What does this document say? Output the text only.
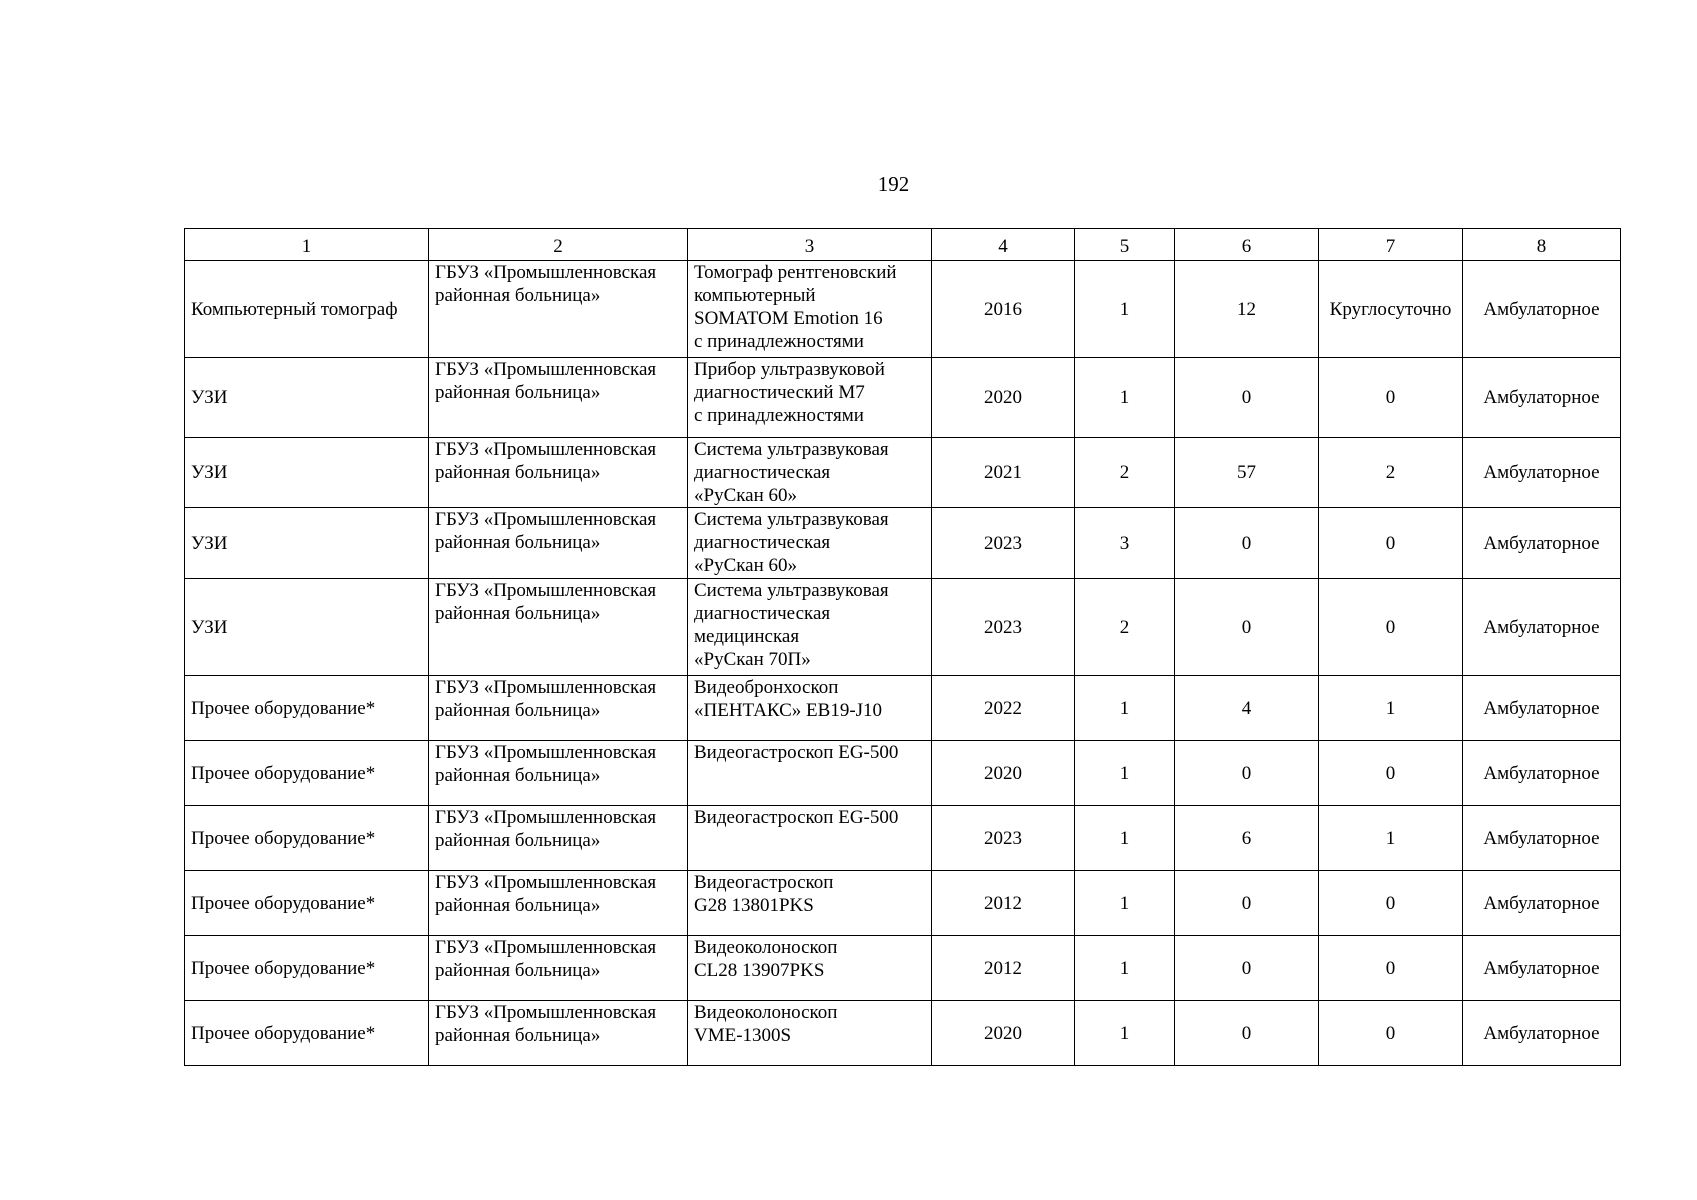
192
1	2	3	4	5	6	7	8
Компьютерный томограф	ГБУЗ «Промышленновская
районная больница»	Томограф рентгеновский
компьютерный
SOMATOM Emotion 16
с принадлежностями	2016	1	12	Круглосуточно	Амбулаторное
УЗИ	ГБУЗ «Промышленновская
районная больница»	Прибор ультразвуковой
диагностический М7
с принадлежностями	2020	1	0	0	Амбулаторное
УЗИ	ГБУЗ «Промышленновская
районная больница»	Система ультразвуковая
диагностическая
«РуСкан 60»	2021	2	57	2	Амбулаторное
УЗИ	ГБУЗ «Промышленновская
районная больница»	Система ультразвуковая
диагностическая
«РуСкан 60»	2023	3	0	0	Амбулаторное
УЗИ	ГБУЗ «Промышленновская
районная больница»	Система ультразвуковая
диагностическая
медицинская
«РуСкан 70П»	2023	2	0	0	Амбулаторное
Прочее оборудование*	ГБУЗ «Промышленновская
районная больница»	Видеобронхоскоп
«ПЕНТАКС» EB19-J10	2022	1	4	1	Амбулаторное
Прочее оборудование*	ГБУЗ «Промышленновская
районная больница»	Видеогастроскоп EG-500	2020	1	0	0	Амбулаторное
Прочее оборудование*	ГБУЗ «Промышленновская
районная больница»	Видеогастроскоп EG-500	2023	1	6	1	Амбулаторное
Прочее оборудование*	ГБУЗ «Промышленновская
районная больница»	Видеогастроскоп
G28 13801PKS	2012	1	0	0	Амбулаторное
Прочее оборудование*	ГБУЗ «Промышленновская
районная больница»	Видеоколоноскоп
CL28 13907PKS	2012	1	0	0	Амбулаторное
Прочее оборудование*	ГБУЗ «Промышленновская
районная больница»	Видеоколоноскоп
VME-1300S	2020	1	0	0	Амбулаторное
